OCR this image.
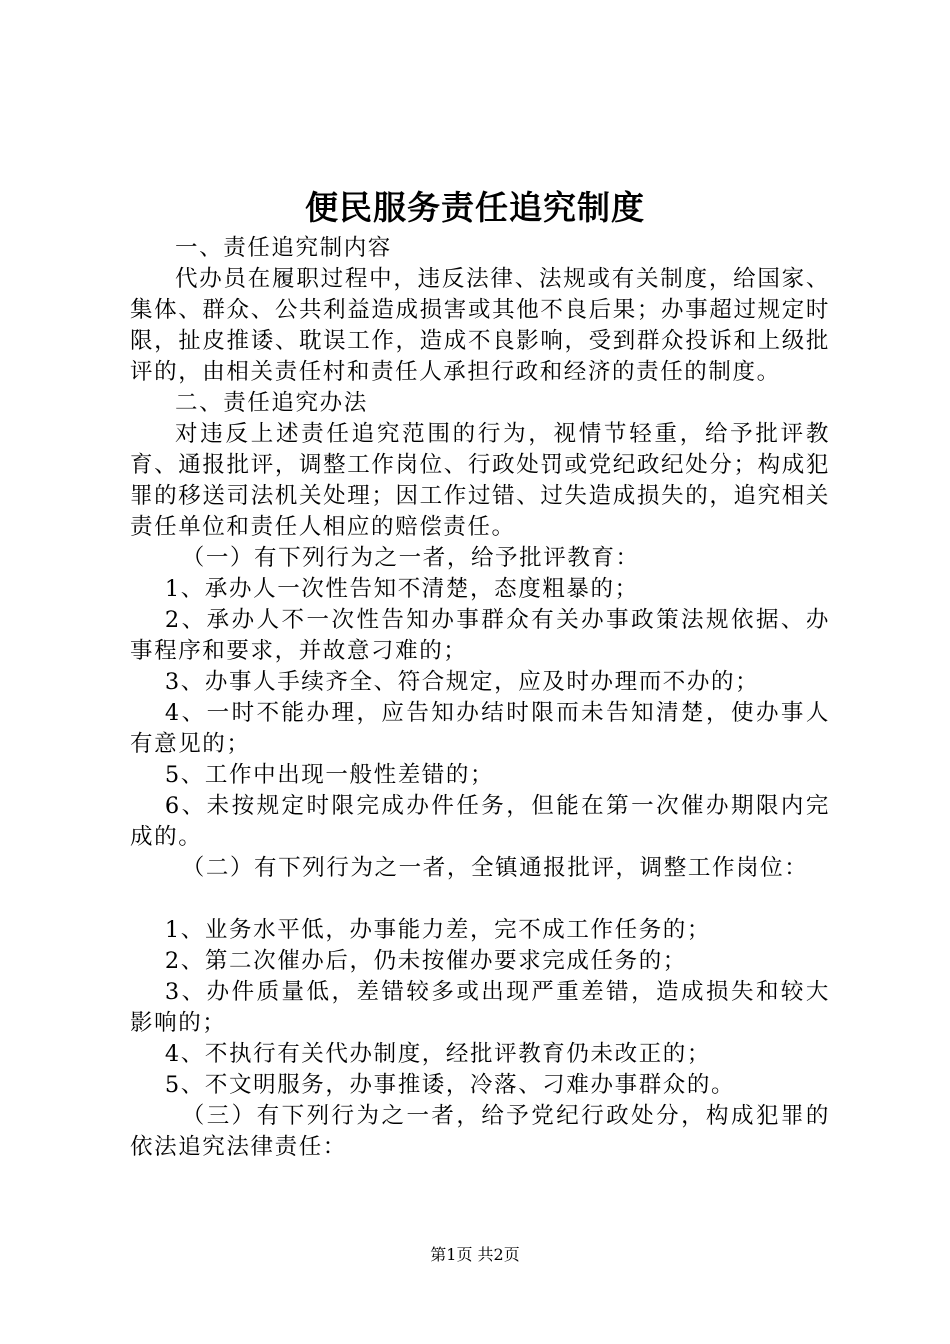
便民服务责任追究制度

一、责任追究制内容

代办员在履职过程中，违反法律、法规或有关制度，给国家、集体、群众、公共利益造成损害或其他不良后果；办事超过规定时限，扯皮推诿、耽误工作，造成不良影响，受到群众投诉和上级批评的，由相关责任村和责任人承担行政和经济的责任的制度。

二、责任追究办法

对违反上述责任追究范围的行为，视情节轻重，给予批评教育、通报批评，调整工作岗位、行政处罚或党纪政纪处分；构成犯罪的移送司法机关处理；因工作过错、过失造成损失的，追究相关责任单位和责任人相应的赔偿责任。

（一）有下列行为之一者，给予批评教育：

1、承办人一次性告知不清楚，态度粗暴的；

2、承办人不一次性告知办事群众有关办事政策法规依据、办事程序和要求，并故意刁难的；

3、办事人手续齐全、符合规定，应及时办理而不办的；

4、一时不能办理，应告知办结时限而未告知清楚，使办事人有意见的；

5、工作中出现一般性差错的；

6、未按规定时限完成办件任务，但能在第一次催办期限内完成的。

（二）有下列行为之一者，全镇通报批评，调整工作岗位：

1、业务水平低，办事能力差，完不成工作任务的；

2、第二次催办后，仍未按催办要求完成任务的；

3、办件质量低，差错较多或出现严重差错，造成损失和较大影响的；

4、不执行有关代办制度，经批评教育仍未改正的；

5、不文明服务，办事推诿，冷落、刁难办事群众的。

（三）有下列行为之一者，给予党纪行政处分，构成犯罪的依法追究法律责任：

第1页 共2页
